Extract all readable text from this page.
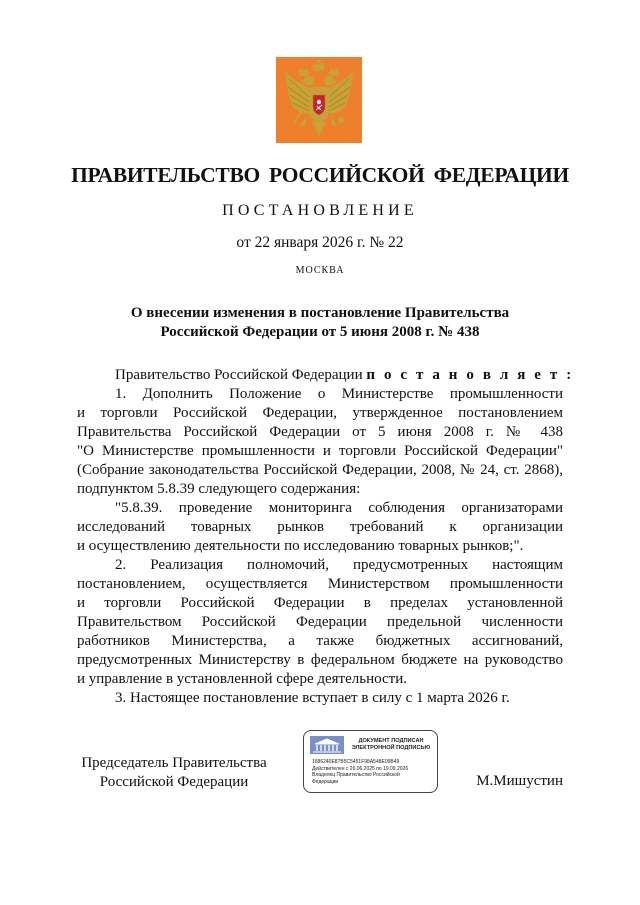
ПРАВИТЕЛЬСТВО РОССИЙСКОЙ ФЕДЕРАЦИИ
ПОСТАНОВЛЕНИЕ
от 22 января 2026 г. № 22
МОСКВА
О внесении изменения в постановление Правительства
Российской Федерации от 5 июня 2008 г. № 438
Правительство Российской Федерации п о с т а н о в л я е т :
1. Дополнить Положение о Министерстве промышленности
и торговли Российской Федерации, утвержденное постановлением
Правительства Российской Федерации от 5 июня 2008 г. № 438
"О Министерстве промышленности и торговли Российской Федерации"
(Собрание законодательства Российской Федерации, 2008, № 24, ст. 2868),
подпунктом 5.8.39 следующего содержания:
"5.8.39. проведение мониторинга соблюдения организаторами
исследований товарных рынков требований к организации
и осуществлению деятельности по исследованию товарных рынков;".
2. Реализация полномочий, предусмотренных настоящим
постановлением, осуществляется Министерством промышленности
и торговли Российской Федерации в пределах установленной
Правительством Российской Федерации предельной численности
работников Министерства, а также бюджетных ассигнований,
предусмотренных Министерству в федеральном бюджете на руководство
и управление в установленной сфере деятельности.
3. Настоящее постановление вступает в силу с 1 марта 2026 г.
Председатель Правительства
Российской Федерации
ДОКУМЕНТ ПОДПИСАН
ЭЛЕКТРОННОЙ ПОДПИСЬЮ
1686240E87B5C5451F98A548E09B49
Действителен с 26.06.2025 по 19.09.2026
Владелец Правительство Российской
Федерации	М.Мишустин
